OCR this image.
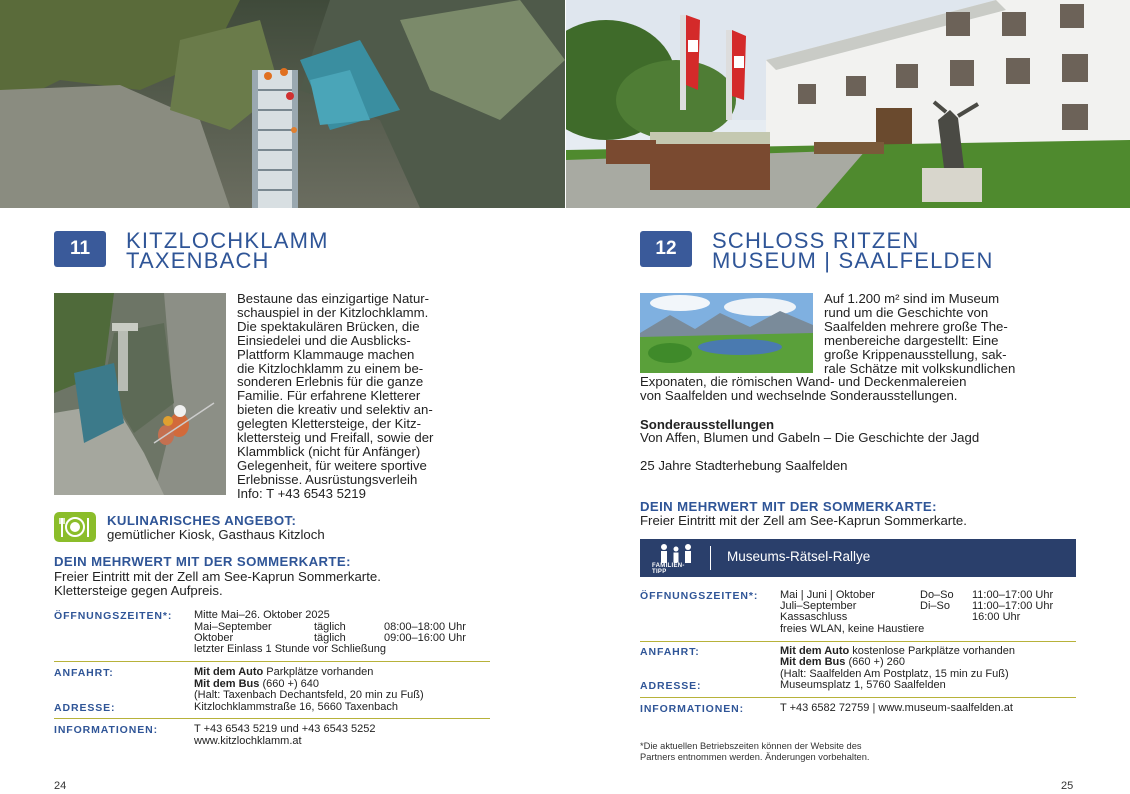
11	KITZLOCHKLAMM
TAXENBACH
Bestaune das einzigartige Natur-
schauspiel in der Kitzlochklamm.
Die spektakulären Brücken, die
Einsiedelei und die Ausblicks-
Plattform Klammauge machen
die Kitzlochklamm zu einem be-
sonderen Erlebnis für die ganze
Familie. Für erfahrene Kletterer
bieten die kreativ und selektiv an-
gelegten Klettersteige, der Kitz-
klettersteig und Freifall, sowie der
Klammblick (nicht für Anfänger)
Gelegenheit, für weitere sportive
Erlebnisse. Ausrüstungsverleih
Info: T +43 6543 5219
KULINARISCHES ANGEBOT:
gemütlicher Kiosk, Gasthaus Kitzloch
DEIN MEHRWERT MIT DER SOMMERKARTE:
Freier Eintritt mit der Zell am See-Kaprun Sommerkarte.
Klettersteige gegen Aufpreis.
ÖFFNUNGSZEITEN*: Mitte Mai–26. Oktober 2025
Mai–September	täglich	08:00–18:00 Uhr
Oktober	täglich	09:00–16:00 Uhr
letzter Einlass 1 Stunde vor Schließung
ANFAHRT:	Mit dem Auto Parkplätze vorhanden
Mit dem Bus (660 +) 640
(Halt: Taxenbach Dechantsfeld, 20 min zu Fuß)
ADRESSE:	Kitzlochklammstraße 16, 5660 Taxenbach
INFORMATIONEN:	T +43 6543 5219 und +43 6543 5252
www.kitzlochklamm.at
24
12	SCHLOSS RITZEN
MUSEUM | SAALFELDEN
Auf 1.200 m² sind im Museum
rund um die Geschichte von
Saalfelden mehrere große The-
menbereiche dargestellt: Eine
große Krippenausstellung, sak-
rale Schätze mit volkskundlichen
Exponaten, die römischen Wand- und Deckenmalereien
von Saalfelden und wechselnde Sonderausstellungen.
Sonderausstellungen
Von Affen, Blumen und Gabeln – Die Geschichte der Jagd
25 Jahre Stadterhebung Saalfelden
DEIN MEHRWERT MIT DER SOMMERKARTE:
Freier Eintritt mit der Zell am See-Kaprun Sommerkarte.
FAMILIEN-
TIPP
Museums-Rätsel-Rallye
ÖFFNUNGSZEITEN*: Mai | Juni | Oktober	Do–So 11:00–17:00 Uhr
Juli–September	Di–So 11:00–17:00 Uhr
Kassaschluss	16:00 Uhr
freies WLAN, keine Haustiere
ANFAHRT:	Mit dem Auto kostenlose Parkplätze vorhanden
Mit dem Bus (660 +) 260
(Halt: Saalfelden Am Postplatz, 15 min zu Fuß)
ADRESSE:	Museumsplatz 1, 5760 Saalfelden
INFORMATIONEN:	T +43 6582 72759 | www.museum-saalfelden.at
*Die aktuellen Betriebszeiten können der Website des
Partners entnommen werden. Änderungen vorbehalten.
25
